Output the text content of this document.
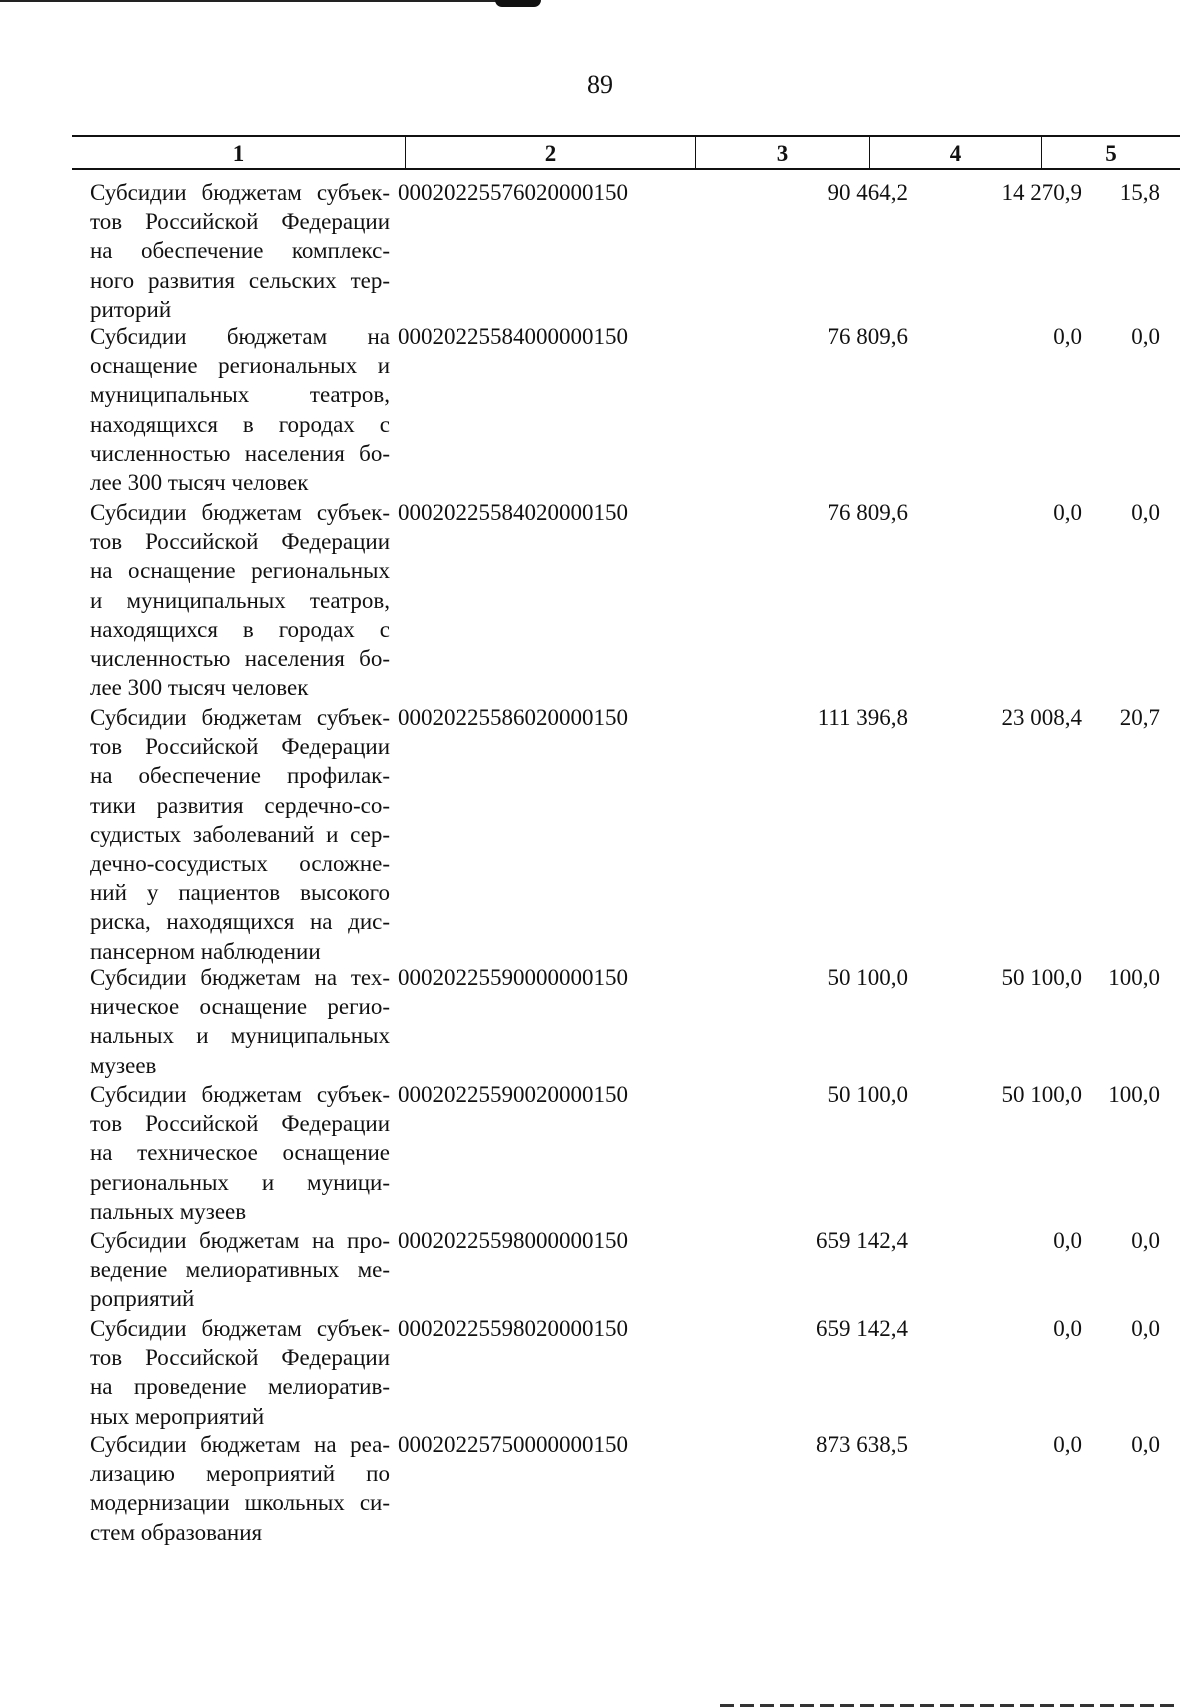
89
1	2	3	4	5
Субсидии бюджетам субъек-
тов Российской Федерации
на обеспечение комплекс-
ного развития сельских тер-
риторий
00020225576020000150	90 464,2	14 270,9	15,8
Субсидии бюджетам на
оснащение региональных и
муниципальных театров,
находящихся в городах с
численностью населения бо-
лее 300 тысяч человек
00020225584000000150	76 809,6	0,0	0,0
Субсидии бюджетам субъек-
тов Российской Федерации
на оснащение региональных
и муниципальных театров,
находящихся в городах с
численностью населения бо-
лее 300 тысяч человек
00020225584020000150	76 809,6	0,0	0,0
Субсидии бюджетам субъек-
тов Российской Федерации
на обеспечение профилак-
тики развития сердечно-со-
судистых заболеваний и сер-
дечно-сосудистых осложне-
ний у пациентов высокого
риска, находящихся на дис-
пансерном наблюдении
00020225586020000150	111 396,8	23 008,4	20,7
Субсидии бюджетам на тех-
ническое оснащение регио-
нальных и муниципальных
музеев
00020225590000000150	50 100,0	50 100,0	100,0
Субсидии бюджетам субъек-
тов Российской Федерации
на техническое оснащение
региональных и муници-
пальных музеев
00020225590020000150	50 100,0	50 100,0	100,0
Субсидии бюджетам на про-
ведение мелиоративных ме-
роприятий
00020225598000000150	659 142,4	0,0	0,0
Субсидии бюджетам субъек-
тов Российской Федерации
на проведение мелиоратив-
ных мероприятий
00020225598020000150	659 142,4	0,0	0,0
Субсидии бюджетам на реа-
лизацию мероприятий по
модернизации школьных си-
стем образования
00020225750000000150	873 638,5	0,0	0,0
